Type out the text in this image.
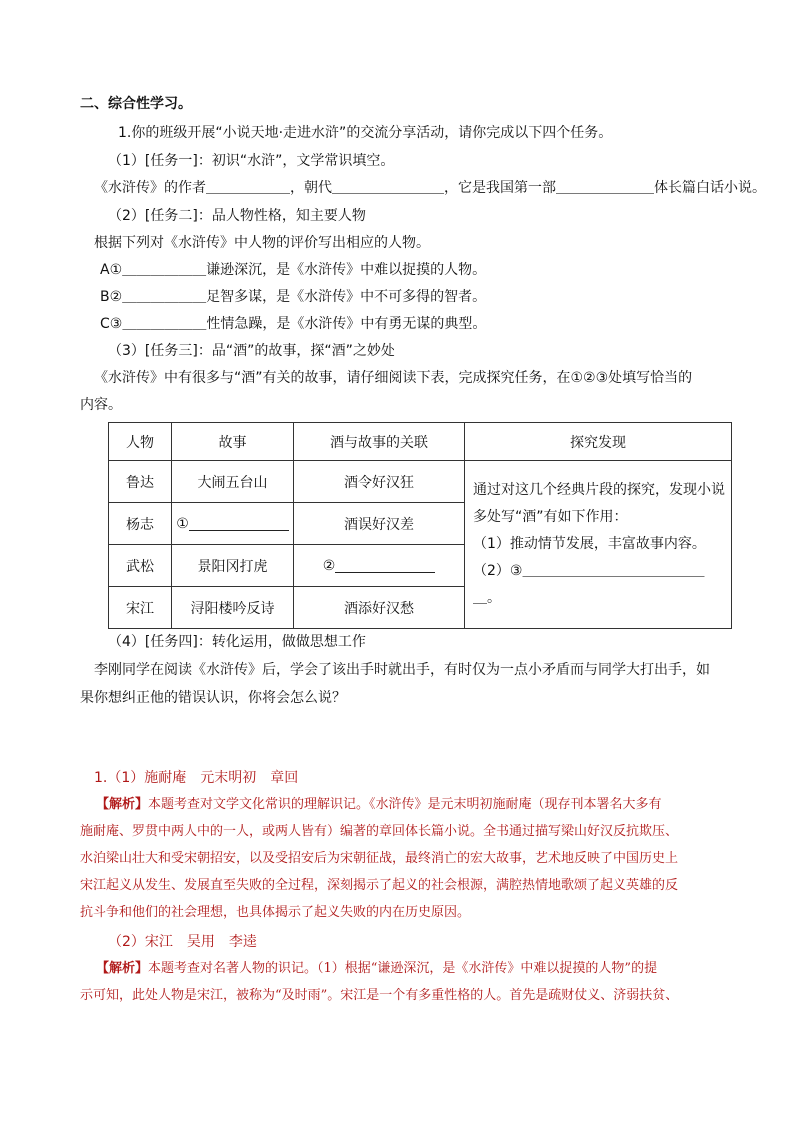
二、综合性学习。
1.你的班级开展“小说天地·走进水浒”的交流分享活动，请你完成以下四个任务。
（1）[任务一]：初识“水浒”，文学常识填空。
《水浒传》的作者＿＿＿＿＿＿，朝代＿＿＿＿＿＿＿＿，它是我国第一部＿＿＿＿＿＿＿体长篇白话小说。
（2）[任务二]：品人物性格，知主要人物
根据下列对《水浒传》中人物的评价写出相应的人物。
A①＿＿＿＿＿＿谦逊深沉，是《水浒传》中难以捉摸的人物。
B②＿＿＿＿＿＿足智多谋，是《水浒传》中不可多得的智者。
C③＿＿＿＿＿＿性情急躁，是《水浒传》中有勇无谋的典型。
（3）[任务三]：品“酒”的故事，探“酒”之妙处
《水浒传》中有很多与“酒”有关的故事，请仔细阅读下表，完成探究任务，在①②③处填写恰当的
内容。
人物	故事	酒与故事的关联	探究发现
鲁达	大闹五台山	酒令好汉狂	通过对这几个经典片段的探究，发现小说
多处写“酒”有如下作用：
（1）推动情节发展，丰富故事内容。
（2）③＿＿＿＿＿＿＿＿＿＿＿＿＿＿。

杨志	①	酒误好汉差	
武松	景阳冈打虎	②	
宋江	浔阳楼吟反诗	酒添好汉愁	
（4）[任务四]：转化运用，做做思想工作
李刚同学在阅读《水浒传》后，学会了该出手时就出手，有时仅为一点小矛盾而与同学大打出手，如
果你想纠正他的错误认识，你将会怎么说？
1.（1）施耐庵　元末明初　章回
【解析】本题考查对文学文化常识的理解识记。《水浒传》是元末明初施耐庵（现存刊本署名大多有
施耐庵、罗贯中两人中的一人，或两人皆有）编著的章回体长篇小说。全书通过描写梁山好汉反抗欺压、
水泊梁山壮大和受宋朝招安，以及受招安后为宋朝征战，最终消亡的宏大故事，艺术地反映了中国历史上
宋江起义从发生、发展直至失败的全过程，深刻揭示了起义的社会根源，满腔热情地歌颂了起义英雄的反
抗斗争和他们的社会理想，也具体揭示了起义失败的内在历史原因。
（2）宋江　吴用　李逵
【解析】本题考查对名著人物的识记。（1）根据“谦逊深沉，是《水浒传》中难以捉摸的人物”的提
示可知，此处人物是宋江，被称为“及时雨”。宋江是一个有多重性格的人。首先是疏财仗义、济弱扶贫、
